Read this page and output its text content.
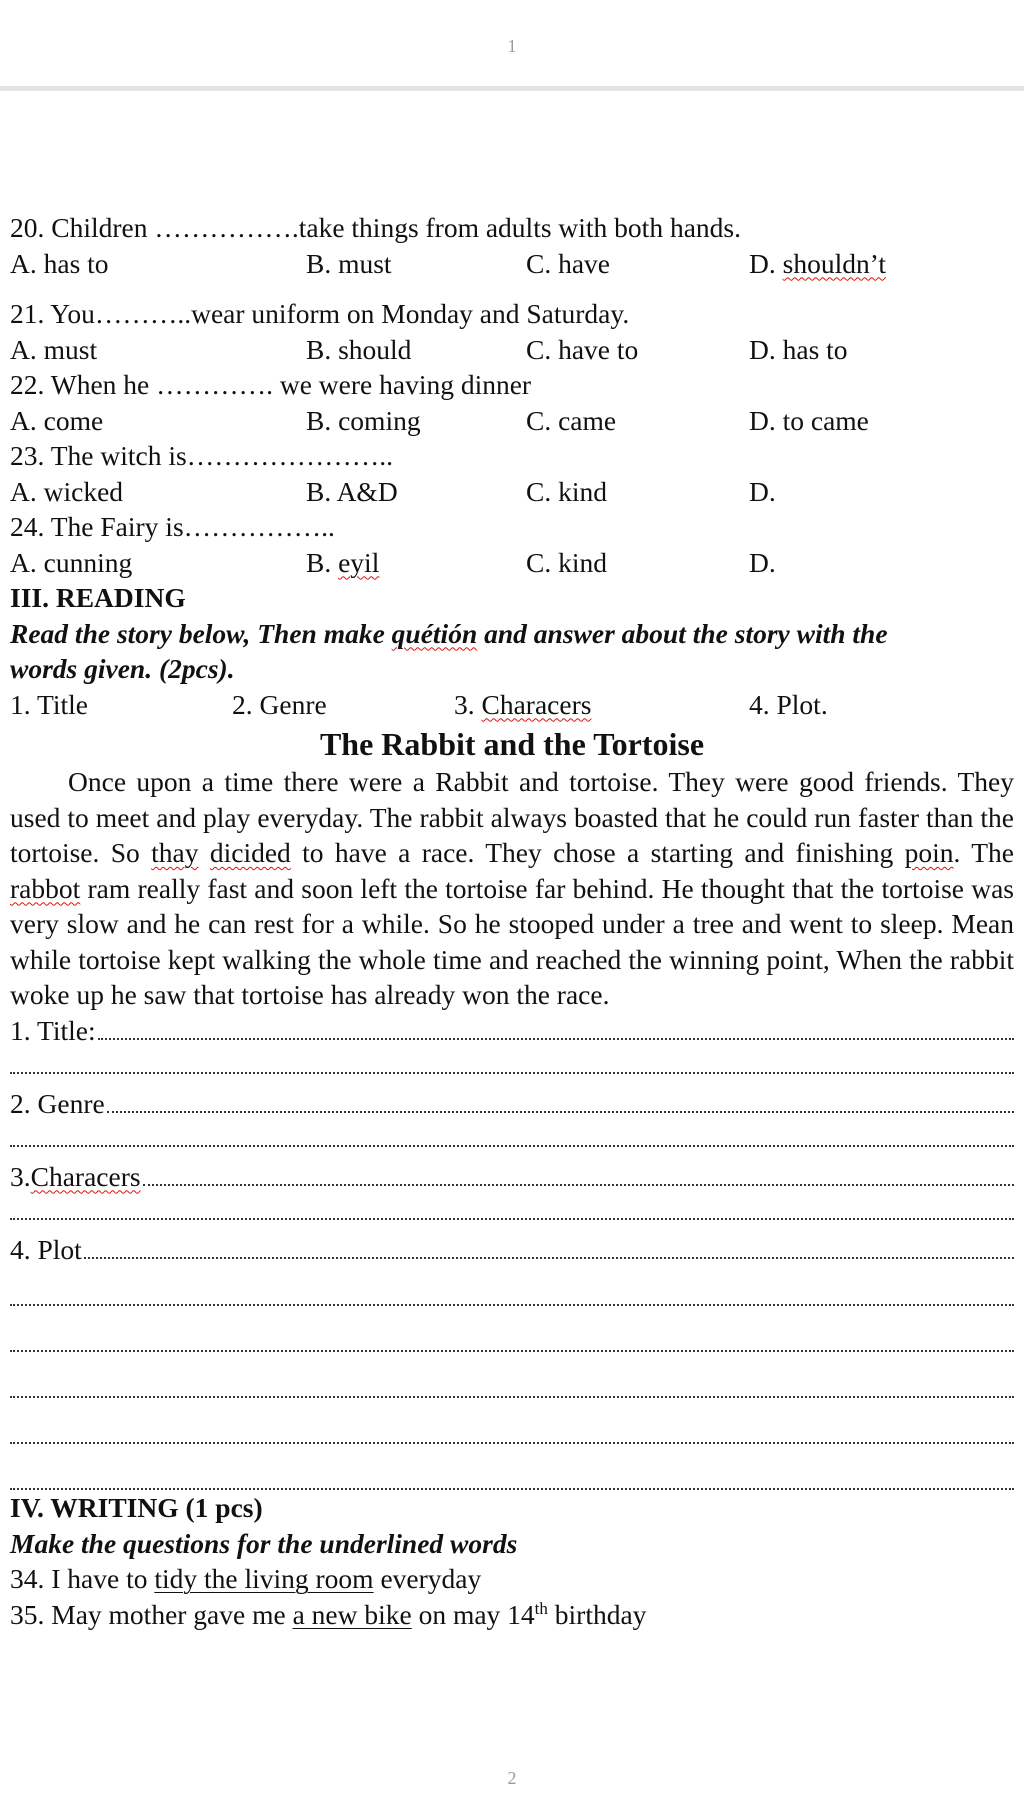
1
20. Children …………….take things from adults with both hands.
A. has to	B. must	C. have	D. shouldn’t
21. You………..wear uniform on Monday and Saturday.
A. must	B. should	C. have to	D. has to
22. When he …………. we were having dinner
A. come	B. coming	C. came	D. to came
23. The witch is…………………..
A. wicked	B. A&D	C. kind	D.
24. The Fairy is……………..
A. cunning	B. eyil	C. kind	D.
III. READING
Read the story below, Then make quétión and answer about the story with the
words given. (2pcs).
1. Title	2. Genre	3. Characers	4. Plot.
The Rabbit and the Tortoise
Once upon a time there were a Rabbit and tortoise. They were good friends. They used to meet and play everyday. The rabbit always boasted that he could run faster than the tortoise. So thay dicided to have a race. They chose a starting and finishing poin. The rabbot ram really fast and soon left the tortoise far behind. He thought that the tortoise was very slow and he can rest for a while. So he stooped under a tree and went to sleep. Mean while tortoise kept walking the whole time and reached the winning point, When the rabbit woke up he saw that tortoise has already won the race.
1. Title:
2. Genre
3. Characers
4. Plot
IV. WRITING (1 pcs)
Make the questions for the underlined words
34. I have to tidy the living room everyday
35. May mother gave me a new bike on may 14th birthday
2
